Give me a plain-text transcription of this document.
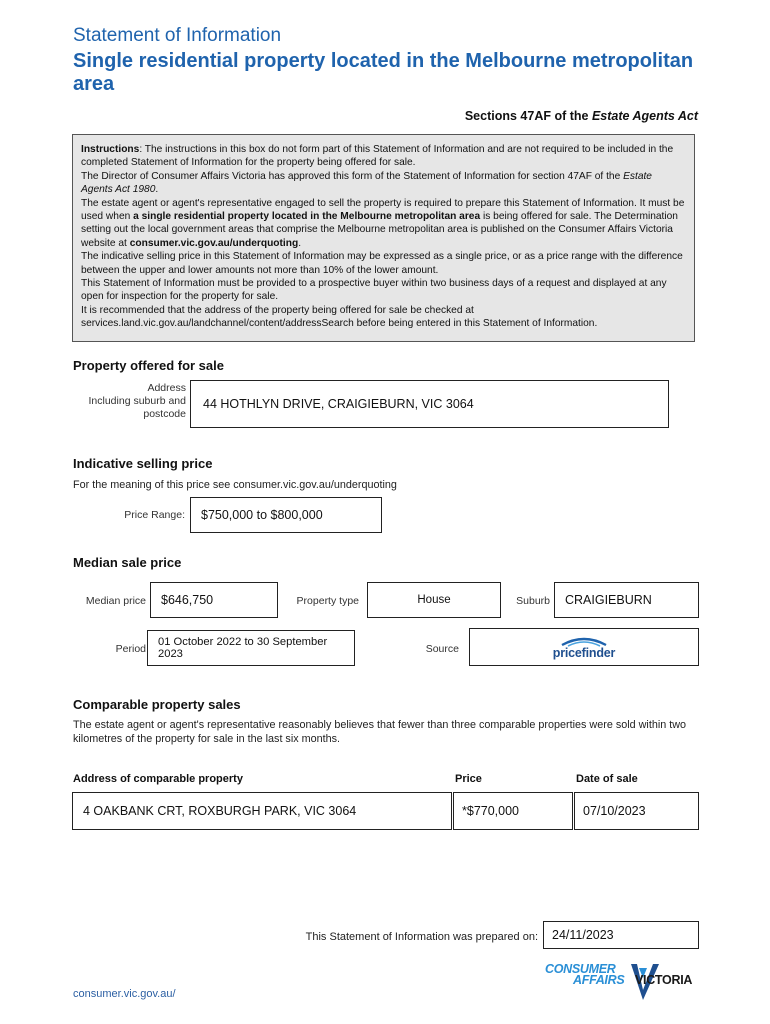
Statement of Information
Single residential property located in the Melbourne metropolitan area
Sections 47AF of the Estate Agents Act

Instructions: The instructions in this box do not form part of this Statement of Information and are not required to be included in the completed Statement of Information for the property being offered for sale.

The Director of Consumer Affairs Victoria has approved this form of the Statement of Information for section 47AF of the Estate Agents Act 1980.

The estate agent or agent's representative engaged to sell the property is required to prepare this Statement of Information. It must be used when a single residential property located in the Melbourne metropolitan area is being offered for sale. The Determination setting out the local government areas that comprise the Melbourne metropolitan area is published on the Consumer Affairs Victoria website at consumer.vic.gov.au/underquoting.

The indicative selling price in this Statement of Information may be expressed as a single price, or as a price range with the difference between the upper and lower amounts not more than 10% of the lower amount.

This Statement of Information must be provided to a prospective buyer within two business days of a request and displayed at any open for inspection for the property for sale.

It is recommended that the address of the property being offered for sale be checked at services.land.vic.gov.au/landchannel/content/addressSearch before being entered in this Statement of Information.

Property offered for sale
Address
Including suburb and
postcode
44 HOTHLYN DRIVE, CRAIGIEBURN, VIC 3064
Indicative selling price
For the meaning of this price see consumer.vic.gov.au/underquoting
Price Range:	$750,000 to $800,000
Median sale price
Median price	$646,750	Property type	House	Suburb	CRAIGIEBURN
Period
01 October 2022 to 30 September 2023	Source	pricefinder
Comparable property sales
The estate agent or agent's representative reasonably believes that fewer than three comparable properties were sold within two kilometres of the property for sale in the last six months.
Address of comparable property	Price	Date of sale
4 OAKBANK CRT, ROXBURGH PARK, VIC 3064	*$770,000	07/10/2023
This Statement of Information was prepared on:	24/11/2023
CONSUMER
AFFAIRS VICTORIA
consumer.vic.gov.au/
